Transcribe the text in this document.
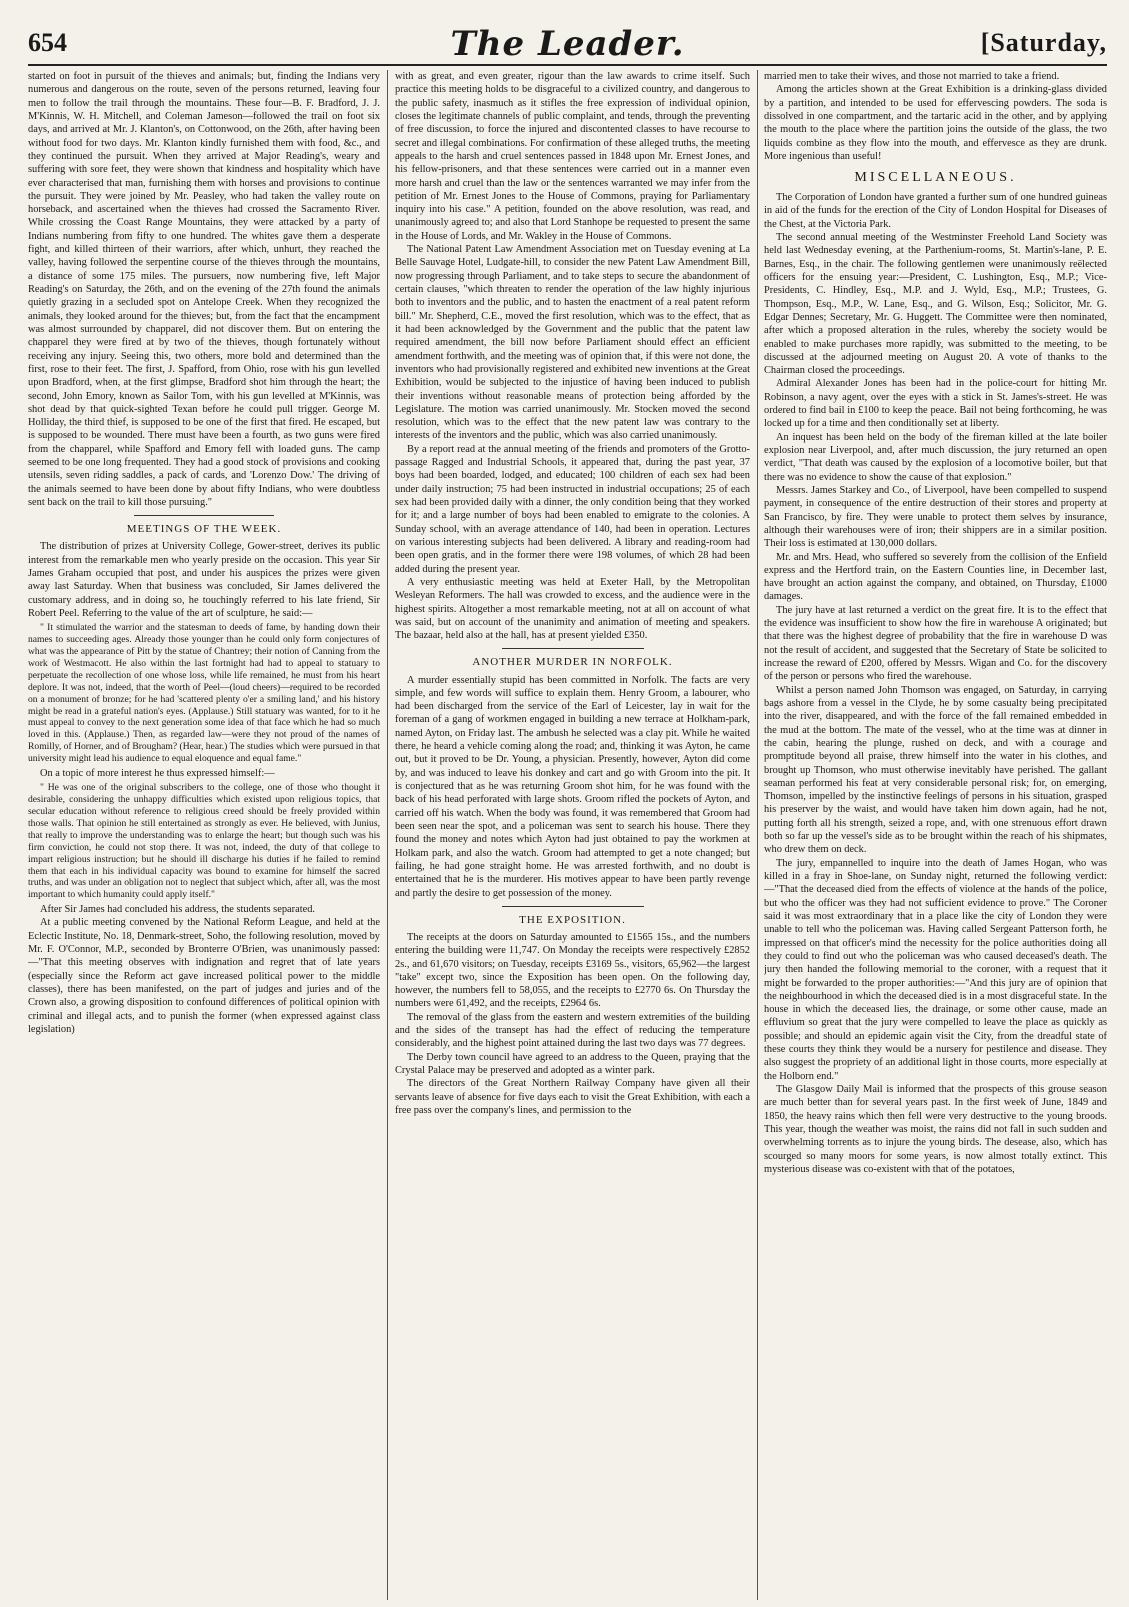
654	The Leader.	[Saturday,

started on foot in pursuit of the thieves and animals; but, finding the Indians very numerous and dangerous on the route, seven of the persons returned, leaving four men to follow the trail through the mountains. These four—B. F. Bradford, J. J. M'Kinnis, W. H. Mitchell, and Coleman Jameson—followed the trail on foot six days, and arrived at Mr. J. Klanton's, on Cottonwood, on the 26th, after having been without food for two days. Mr. Klanton kindly furnished them with food, &c., and they continued the pursuit. When they arrived at Major Reading's, weary and suffering with sore feet, they were shown that kindness and hospitality which have ever characterised that man, furnishing them with horses and provisions to continue the pursuit. They were joined by Mr. Peasley, who had taken the valley route on horseback, and ascertained when the thieves had crossed the Sacramento River. While crossing the Coast Range Mountains, they were attacked by a party of Indians numbering from fifty to one hundred. The whites gave them a desperate fight, and killed thirteen of their warriors, after which, unhurt, they reached the valley, having followed the serpentine course of the thieves through the mountains, a distance of some 175 miles. The pursuers, now numbering five, left Major Reading's on Saturday, the 26th, and on the evening of the 27th found the animals quietly grazing in a secluded spot on Antelope Creek. When they recognized the animals, they looked around for the thieves; but, from the fact that the encampment was almost surrounded by chapparel, did not discover them. But on entering the chapparel they were fired at by two of the thieves, though fortunately without receiving any injury. Seeing this, two others, more bold and determined than the first, rose to their feet. The first, J. Spafford, from Ohio, rose with his gun levelled upon Bradford, when, at the first glimpse, Bradford shot him through the heart; the second, John Emory, known as Sailor Tom, with his gun levelled at M'Kinnis, was shot dead by that quick-sighted Texan before he could pull trigger. George M. Holliday, the third thief, is supposed to be one of the first that fired. He escaped, but is supposed to be wounded. There must have been a fourth, as two guns were fired from the chapparel, while Spafford and Emory fell with loaded guns. The camp seemed to be one long frequented. They had a good stock of provisions and cooking utensils, seven riding saddles, a pack of cards, and 'Lorenzo Dow.' The driving of the animals seemed to have been done by about fifty Indians, who were doubtless sent back on the trail to kill those pursuing."

MEETINGS OF THE WEEK.

The distribution of prizes at University College, Gower-street, derives its public interest from the remarkable men who yearly preside on the occasion. This year Sir James Graham occupied that post, and under his auspices the prizes were given away last Saturday. When that business was concluded, Sir James delivered the customary address, and in doing so, he touchingly referred to his late friend, Sir Robert Peel. Referring to the value of the art of sculpture, he said:—

" It stimulated the warrior and the statesman to deeds of fame, by handing down their names to succeeding ages. Already those younger than he could only form conjectures of what was the appearance of Pitt by the statue of Chantrey; their notion of Canning from the work of Westmacott. He also within the last fortnight had had to appeal to statuary to perpetuate the recollection of one whose loss, while life remained, he must from his heart deplore. It was not, indeed, that the worth of Peel—(loud cheers)—required to be recorded on a monument of bronze; for he had 'scattered plenty o'er a smiling land,' and his history might be read in a grateful nation's eyes. (Applause.) Still statuary was wanted, for to it he must appeal to convey to the next generation some idea of that face which he had so much loved in this. (Applause.) Then, as regarded law—were they not proud of the names of Romilly, of Horner, and of Brougham? (Hear, hear.) The studies which were pursued in that university might lead his audience to equal eloquence and equal fame."

On a topic of more interest he thus expressed himself:—

" He was one of the original subscribers to the college, one of those who thought it desirable, considering the unhappy difficulties which existed upon religious topics, that secular education without reference to religious creed should be freely provided within those walls. That opinion he still entertained as strongly as ever. He believed, with Junius, that really to improve the understanding was to enlarge the heart; but though such was his firm conviction, he could not stop there. It was not, indeed, the duty of that college to impart religious instruction; but he should ill discharge his duties if he failed to remind them that each in his individual capacity was bound to examine for himself the sacred truths, and was under an obligation not to neglect that subject which, after all, was the most important to which humanity could apply itself."

After Sir James had concluded his address, the students separated.

At a public meeting convened by the National Reform League, and held at the Eclectic Institute, No. 18, Denmark-street, Soho, the following resolution, moved by Mr. F. O'Connor, M.P., seconded by Bronterre O'Brien, was unanimously passed:—"That this meeting observes with indignation and regret that of late years (especially since the Reform act gave increased political power to the middle classes), there has been manifested, on the part of judges and juries and of the Crown also, a growing disposition to confound differences of political opinion with criminal and illegal acts, and to punish the former (when expressed against class legislation)

with as great, and even greater, rigour than the law awards to crime itself. Such practice this meeting holds to be disgraceful to a civilized country, and dangerous to the public safety, inasmuch as it stifles the free expression of individual opinion, closes the legitimate channels of public complaint, and tends, through the preventing of free discussion, to force the injured and discontented classes to have recourse to secret and illegal combinations. For confirmation of these alleged truths, the meeting appeals to the harsh and cruel sentences passed in 1848 upon Mr. Ernest Jones, and his fellow-prisoners, and that these sentences were carried out in a manner even more harsh and cruel than the law or the sentences warranted we may infer from the petition of Mr. Ernest Jones to the House of Commons, praying for Parliamentary inquiry into his case." A petition, founded on the above resolution, was read, and unanimously agreed to; and also that Lord Stanhope be requested to present the same in the House of Lords, and Mr. Wakley in the House of Commons.

The National Patent Law Amendment Association met on Tuesday evening at La Belle Sauvage Hotel, Ludgate-hill, to consider the new Patent Law Amendment Bill, now progressing through Parliament, and to take steps to secure the abandonment of certain clauses, "which threaten to render the operation of the law highly injurious both to inventors and the public, and to hasten the enactment of a real patent reform bill." Mr. Shepherd, C.E., moved the first resolution, which was to the effect, that as it had been acknowledged by the Government and the public that the patent law required amendment, the bill now before Parliament should effect an efficient amendment forthwith, and the meeting was of opinion that, if this were not done, the inventors who had provisionally registered and exhibited new inventions at the Great Exhibition, would be subjected to the injustice of having been induced to publish their inventions without reasonable means of protection being afforded by the Legislature. The motion was carried unanimously. Mr. Stocken moved the second resolution, which was to the effect that the new patent law was contrary to the interests of the inventors and the public, which was also carried unanimously.

By a report read at the annual meeting of the friends and promoters of the Grotto-passage Ragged and Industrial Schools, it appeared that, during the past year, 37 boys had been boarded, lodged, and educated; 100 children of each sex had been under daily instruction; 75 had been instructed in industrial occupations; 25 of each sex had been provided daily with a dinner, the only condition being that they worked for it; and a large number of boys had been enabled to emigrate to the colonies. A Sunday school, with an average attendance of 140, had been in operation. Lectures on various interesting subjects had been delivered. A library and reading-room had been open gratis, and in the former there were 198 volumes, of which 28 had been added during the present year.

A very enthusiastic meeting was held at Exeter Hall, by the Metropolitan Wesleyan Reformers. The hall was crowded to excess, and the audience were in the highest spirits. Altogether a most remarkable meeting, not at all on account of what was said, but on account of the unanimity and animation of meeting and speakers. The bazaar, held also at the hall, has at present yielded £350.

ANOTHER MURDER IN NORFOLK.

A murder essentially stupid has been committed in Norfolk. The facts are very simple, and few words will suffice to explain them. Henry Groom, a labourer, who had been discharged from the service of the Earl of Leicester, lay in wait for the foreman of a gang of workmen engaged in building a new terrace at Holkham-park, named Ayton, on Friday last. The ambush he selected was a clay pit. While he waited there, he heard a vehicle coming along the road; and, thinking it was Ayton, he came out, but it proved to be Dr. Young, a physician. Presently, however, Ayton did come by, and was induced to leave his donkey and cart and go with Groom into the pit. It is conjectured that as he was returning Groom shot him, for he was found with the back of his head perforated with large shots. Groom rifled the pockets of Ayton, and carried off his watch. When the body was found, it was remembered that Groom had been seen near the spot, and a policeman was sent to search his house. There they found the money and notes which Ayton had just obtained to pay the workmen at Holkam park, and also the watch. Groom had attempted to get a note changed; but failing, he had gone straight home. He was arrested forthwith, and no doubt is entertained that he is the murderer. His motives appear to have been partly revenge and partly the desire to get possession of the money.

THE EXPOSITION.

The receipts at the doors on Saturday amounted to £1565 15s., and the numbers entering the building were 11,747. On Monday the receipts were respectively £2852 2s., and 61,670 visitors; on Tuesday, receipts £3169 5s., visitors, 65,962—the largest "take" except two, since the Exposition has been open. On the following day, however, the numbers fell to 58,055, and the receipts to £2770 6s. On Thursday the numbers were 61,492, and the receipts, £2964 6s.

The removal of the glass from the eastern and western extremities of the building and the sides of the transept has had the effect of reducing the temperature considerably, and the highest point attained during the last two days was 77 degrees.

The Derby town council have agreed to an address to the Queen, praying that the Crystal Palace may be preserved and adopted as a winter park.

The directors of the Great Northern Railway Company have given all their servants leave of absence for five days each to visit the Great Exhibition, with each a free pass over the company's lines, and permission to the

married men to take their wives, and those not married to take a friend.

Among the articles shown at the Great Exhibition is a drinking-glass divided by a partition, and intended to be used for effervescing powders. The soda is dissolved in one compartment, and the tartaric acid in the other, and by applying the mouth to the place where the partition joins the outside of the glass, the two liquids combine as they flow into the mouth, and effervesce as they are drunk. More ingenious than useful!

MISCELLANEOUS.

The Corporation of London have granted a further sum of one hundred guineas in aid of the funds for the erection of the City of London Hospital for Diseases of the Chest, at the Victoria Park.

The second annual meeting of the Westminster Freehold Land Society was held last Wednesday evening, at the Parthenium-rooms, St. Martin's-lane, P. E. Barnes, Esq., in the chair. The following gentlemen were unanimously reëlected officers for the ensuing year:—President, C. Lushington, Esq., M.P.; Vice-Presidents, C. Hindley, Esq., M.P. and J. Wyld, Esq., M.P.; Trustees, G. Thompson, Esq., M.P., W. Lane, Esq., and G. Wilson, Esq.; Solicitor, Mr. G. Edgar Dennes; Secretary, Mr. G. Huggett. The Committee were then nominated, after which a proposed alteration in the rules, whereby the society would be enabled to make purchases more rapidly, was submitted to the meeting, to be discussed at the adjourned meeting on August 20. A vote of thanks to the Chairman closed the proceedings.

Admiral Alexander Jones has been had in the police-court for hitting Mr. Robinson, a navy agent, over the eyes with a stick in St. James's-street. He was ordered to find bail in £100 to keep the peace. Bail not being forthcoming, he was locked up for a time and then conditionally set at liberty.

An inquest has been held on the body of the fireman killed at the late boiler explosion near Liverpool, and, after much discussion, the jury returned an open verdict, "That death was caused by the explosion of a locomotive boiler, but that there was no evidence to show the cause of that explosion."

Messrs. James Starkey and Co., of Liverpool, have been compelled to suspend payment, in consequence of the entire destruction of their stores and property at San Francisco, by fire. They were unable to protect them selves by insurance, although their warehouses were of iron; their shippers are in a similar position. Their loss is estimated at 130,000 dollars.

Mr. and Mrs. Head, who suffered so severely from the collision of the Enfield express and the Hertford train, on the Eastern Counties line, in December last, have brought an action against the company, and obtained, on Thursday, £1000 damages.

The jury have at last returned a verdict on the great fire. It is to the effect that the evidence was insufficient to show how the fire in warehouse A originated; but that there was the highest degree of probability that the fire in warehouse D was not the result of accident, and suggested that the Secretary of State be solicited to increase the reward of £200, offered by Messrs. Wigan and Co. for the discovery of the person or persons who fired the warehouse.

Whilst a person named John Thomson was engaged, on Saturday, in carrying bags ashore from a vessel in the Clyde, he by some casualty being precipitated into the river, disappeared, and with the force of the fall remained embedded in the mud at the bottom. The mate of the vessel, who at the time was at dinner in the cabin, hearing the plunge, rushed on deck, and with a courage and promptitude beyond all praise, threw himself into the water in his clothes, and brought up Thomson, who must otherwise inevitably have perished. The gallant seaman performed his feat at very considerable personal risk; for, on emerging, Thomson, impelled by the instinctive feelings of persons in his situation, grasped his preserver by the waist, and would have taken him down again, had he not, putting forth all his strength, seized a rope, and, with one strenuous effort drawn both so far up the vessel's side as to be brought within the reach of his shipmates, who drew them on deck.

The jury, empannelled to inquire into the death of James Hogan, who was killed in a fray in Shoe-lane, on Sunday night, returned the following verdict:—"That the deceased died from the effects of violence at the hands of the police, but who the officer was they had not sufficient evidence to prove." The Coroner said it was most extraordinary that in a place like the city of London they were unable to tell who the policeman was. Having called Sergeant Patterson forth, he impressed on that officer's mind the necessity for the police authorities doing all they could to find out who the policeman was who caused deceased's death. The jury then handed the following memorial to the coroner, with a request that it might be forwarded to the proper authorities:—"And this jury are of opinion that the neighbourhood in which the deceased died is in a most disgraceful state. In the house in which the deceased lies, the drainage, or some other cause, made an effluvium so great that the jury were compelled to leave the place as quickly as possible; and should an epidemic again visit the City, from the dreadful state of these courts they think they would be a nursery for pestilence and disease. They also suggest the propriety of an additional light in those courts, more especially at the Holborn end."

The Glasgow Daily Mail is informed that the prospects of this grouse season are much better than for several years past. In the first week of June, 1849 and 1850, the heavy rains which then fell were very destructive to the young broods. This year, though the weather was moist, the rains did not fall in such sudden and overwhelming torrents as to injure the young birds. The desease, also, which has scourged so many moors for some years, is now almost totally extinct. This mysterious disease was co-existent with that of the potatoes,
